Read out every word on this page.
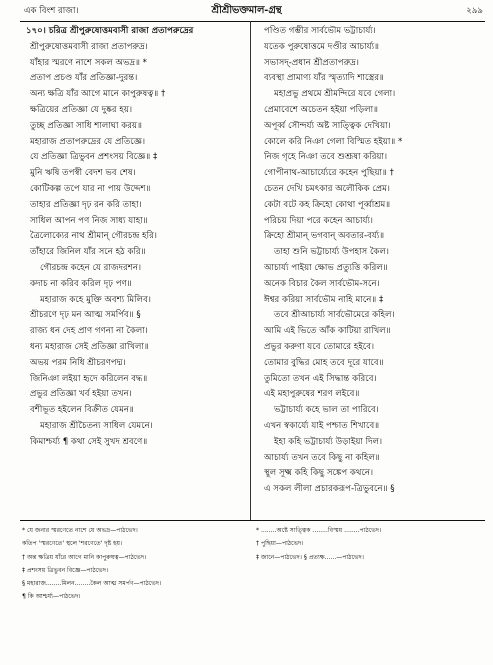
শ্রীশ্রীভক্তমাল-গ্রন্থ
এক বিংশ রাজা।	২৯৯
১৭০। চরিত্র শ্রীপুরুষোত্তমবাসী রাজা প্রতাপরুদ্রের
শ্রীপুরুষোত্তমবাসী রাজা প্রতাপরুদ্র।
যাঁহার স্মরণে নাশে সকল অভদ্র॥ *
প্রতাপ প্রচণ্ড যাঁর প্রতিজ্ঞা-দুরন্ত।
অন্য ক্ষত্রি যাঁর আগে মানে কাপুরুষত্ব॥ †
ক্ষত্রিয়ের প্রতিজ্ঞা যে দুষ্কর হয়।
তুচ্ছ প্রতিজ্ঞা সাধি শালাঘা করয়॥
মহারাজ প্রতাপরুদ্রের যে প্রতিজ্ঞে।
যে প্রতিজ্ঞা ত্রিভুবন প্রশংসয় বিজ্ঞে॥ ‡
মুনি ঋষি তপস্বী বেদশ ভব শেষ।
কোটিকল্প তপে যার না পায় উদ্দেশ॥
তাহার প্রতিজ্ঞা দৃঢ় রন করি তাহা।
সাধিল আপন পণ নিজ সাধ্য যাহা॥
ত্রৈলোক্যের নাথ শ্রীমান্ গৌরচন্দ্র হরি।
তাঁহারে জিনিল যাঁর সনে হঠ করি॥
গৌরচন্দ্র কহেন যে রাজদরশন।
কদাচ না করিব করিল দৃঢ় পণ॥
মহারাজ কহে মুক্তি অবশ্য মিলিব।
শ্রীচরণে দৃঢ় মন আত্ম সমর্পিব॥ §
রাজ্য ধন দেহ প্রাণ গণনা না কৈলা।
ধন্য মহারাজ সেই প্রতিজ্ঞা রাখিলা॥
অভয় পরম নিধি শ্রীচরণপদ্ম।
জিনিঞা লইয়া হৃদে করিলেন বদ্ধ॥
প্রভুর প্রতিজ্ঞা খর্ব হইয়া তখন।
বশীভূত হইলেন বিক্রীত যেমন॥
মহারাজ শ্রীচৈতন্য সাধিল যেমনে।
কিমাশ্চর্য্য ¶ কথা সেই সুখদ শ্রবণে॥
পণ্ডিত গম্ভীর সার্বভৌম ভট্টাচার্য্য।
যতেক পুরুষোত্তমে দণ্ডীর আচার্য্য॥
সভাসদ্-প্রধান শ্রীপ্রতাপরুদ্র।
ব্যবস্থা প্রামাণ্য যাঁর স্মৃত্যাদি শাস্ত্রের॥
মহাপ্রভু প্রথমে শ্রীমন্দিরে যবে গেলা।
প্রেমাবেশে অচেতন হইয়া পড়িলা॥
অপূর্ব্ব সৌন্দর্য্য অষ্ট সাত্ত্বিক দেখিয়া।
কোলে করি নিঞা গেলা বিস্মিত হইয়া॥ *
নিজ গৃহে নিঞা তবে শুশ্রূষা করিয়া।
গোপীনাথ-আচার্য্যেরে কহেন পুছিয়া॥ †
চেতন দেখি চমৎকার অলৌকিক প্রেম।
কেটা বটে কহ ক্রিহো কোথা পূর্ব্বাশ্রম॥
পরিচয় দিয়া পরে কহেন আচার্য্য।
ক্রিহো শ্রীমান্ ভগবান্ অবতার-বর্য্য॥
তাহা শুনি ভট্টাচার্য্য উপহাস কৈল।
আচার্য্য পাইয়া ক্ষোভ প্রত্যুত্তি করিল॥
অনেক বিচার কৈল সার্বভৌম-সনে।
ঈশ্বর করিয়া সার্বভৌম নাহি মানে॥ ‡
তবে শ্রীআচার্য্য সার্বভৌমেরে কহিল।
আমি এই ভিতে আঁক কাটিয়া রাখিল॥
প্রভুর করুণা যবে তোমারে হইবে।
তোমার বুদ্ধির মোহ তবে দূরে যাবে॥
তুমিতো তখন এই সিদ্ধান্ত করিবে।
এই মহাপুরুষের শরণ লইবে॥
ভট্টাচার্য্য কহে ভাল তা পারিবে।
এখন স্বকার্য্যে যাই পশ্চাত শিখাবে॥
ইহা কহি ভট্টাচার্য্য উড়াইয়া দিল।
আচার্য্য তখন তবে কিছু না কহিল॥
স্থূল সূক্ষ্ম কহি কিছু সঙ্কেপ কথনে।
এ সকল লীলা প্রচারকরূপ-ত্রিভুবনে॥ §
* যে জনার স্মরণেতে নাশে যে অভদ্র—পাঠভেদ।
কতিপ 'স্মরণেতে' স্থলে 'শরণেতে' দৃষ্ট হয়।
† অন্ত ক্ষত্রিয় যাঁরে আগে মানি কাপুরুষত্ব—পাঠভেদ।
‡ প্রশংসয় ত্রিভুবন বিজ্ঞে—পাঠভেদ।
§ মহারাজ........মিলন........কৈল আত্ম সমর্পণ—পাঠভেদ।
¶ কি আশ্চর্য্য—পাঠভেদ।
* ........অষ্টে সাত্ত্বিক ........বিস্ময় ........পাঠভেদ।
† পুছিয়া—পাঠভেদ।
‡ জানে—পাঠভেদ। § প্রত্যক্ষ......—পাঠভেদ।
